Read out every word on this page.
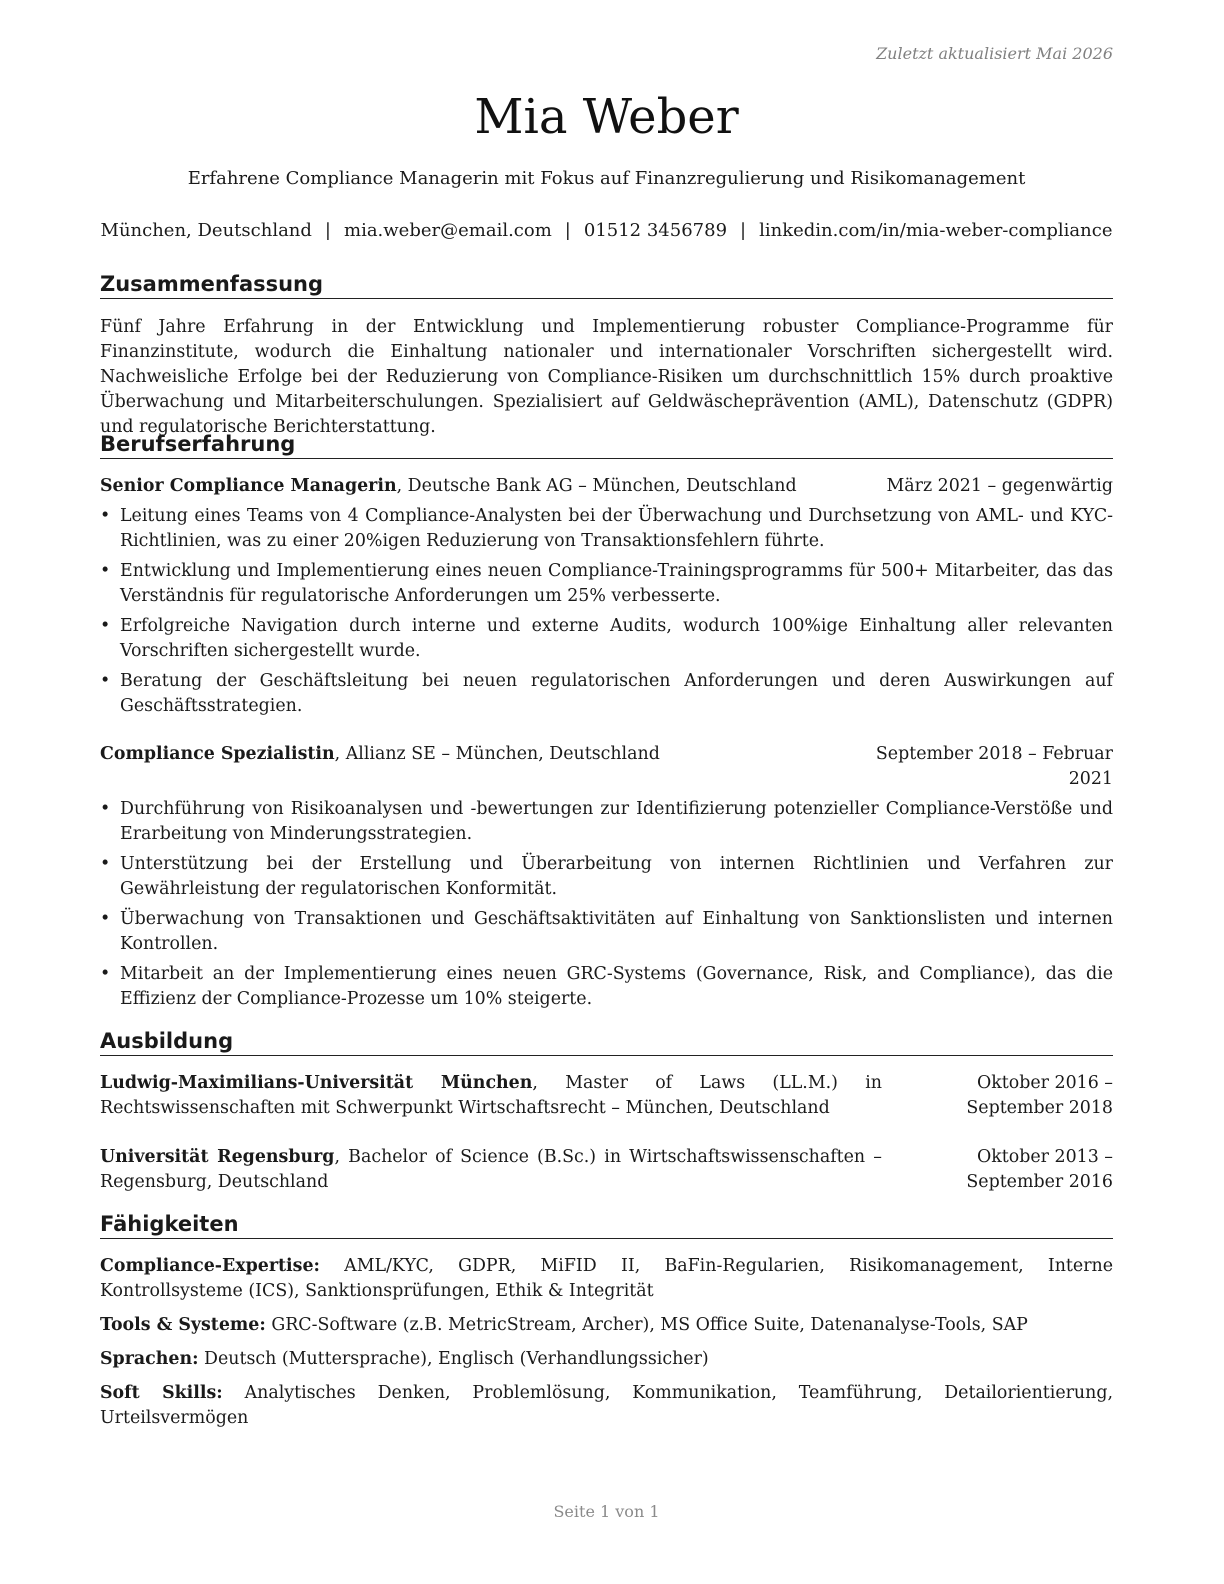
Zuletzt aktualisiert Mai 2026
Mia Weber
Erfahrene Compliance Managerin mit Fokus auf Finanzregulierung und Risikomanagement
München, Deutschland | mia.weber@email.com | 01512 3456789 | linkedin.com/in/mia-weber-compliance
Zusammenfassung
Fünf Jahre Erfahrung in der Entwicklung und Implementierung robuster Compliance-Programme für Finanzinstitute, wodurch die Einhaltung nationaler und internationaler Vorschriften sichergestellt wird. Nachweisliche Erfolge bei der Reduzierung von Compliance-Risiken um durchschnittlich 15% durch proaktive Überwachung und Mitarbeiterschulungen. Spezialisiert auf Geldwäscheprävention (AML), Datenschutz (GDPR) und regulatorische Berichterstattung.
Berufserfahrung
Senior Compliance Managerin, Deutsche Bank AG – München, Deutschland	März 2021 – gegenwärtig
• Leitung eines Teams von 4 Compliance-Analysten bei der Überwachung und Durchsetzung von AML- und KYC-Richtlinien, was zu einer 20%igen Reduzierung von Transaktionsfehlern führte.
• Entwicklung und Implementierung eines neuen Compliance-Trainingsprogramms für 500+ Mitarbeiter, das das Verständnis für regulatorische Anforderungen um 25% verbesserte.
• Erfolgreiche Navigation durch interne und externe Audits, wodurch 100%ige Einhaltung aller relevanten Vorschriften sichergestellt wurde.
• Beratung der Geschäftsleitung bei neuen regulatorischen Anforderungen und deren Auswirkungen auf Geschäftsstrategien.
Compliance Spezialistin, Allianz SE – München, Deutschland	September 2018 – Februar 2021
• Durchführung von Risikoanalysen und -bewertungen zur Identifizierung potenzieller Compliance-Verstöße und Erarbeitung von Minderungsstrategien.
• Unterstützung bei der Erstellung und Überarbeitung von internen Richtlinien und Verfahren zur Gewährleistung der regulatorischen Konformität.
• Überwachung von Transaktionen und Geschäftsaktivitäten auf Einhaltung von Sanktionslisten und internen Kontrollen.
• Mitarbeit an der Implementierung eines neuen GRC-Systems (Governance, Risk, and Compliance), das die Effizienz der Compliance-Prozesse um 10% steigerte.
Ausbildung
Ludwig-Maximilians-Universität München, Master of Laws (LL.M.) in Rechtswissenschaften mit Schwerpunkt Wirtschaftsrecht – München, Deutschland
Oktober 2016 – September 2018
Universität Regensburg, Bachelor of Science (B.Sc.) in Wirtschaftswissenschaften – Regensburg, Deutschland
Oktober 2013 – September 2016
Fähigkeiten
Compliance-Expertise: AML/KYC, GDPR, MiFID II, BaFin-Regularien, Risikomanagement, Interne Kontrollsysteme (ICS), Sanktionsprüfungen, Ethik & Integrität
Tools & Systeme: GRC-Software (z.B. MetricStream, Archer), MS Office Suite, Datenanalyse-Tools, SAP
Sprachen: Deutsch (Muttersprache), Englisch (Verhandlungssicher)
Soft Skills: Analytisches Denken, Problemlösung, Kommunikation, Teamführung, Detailorientierung, Urteilsvermögen
Seite 1 von 1
